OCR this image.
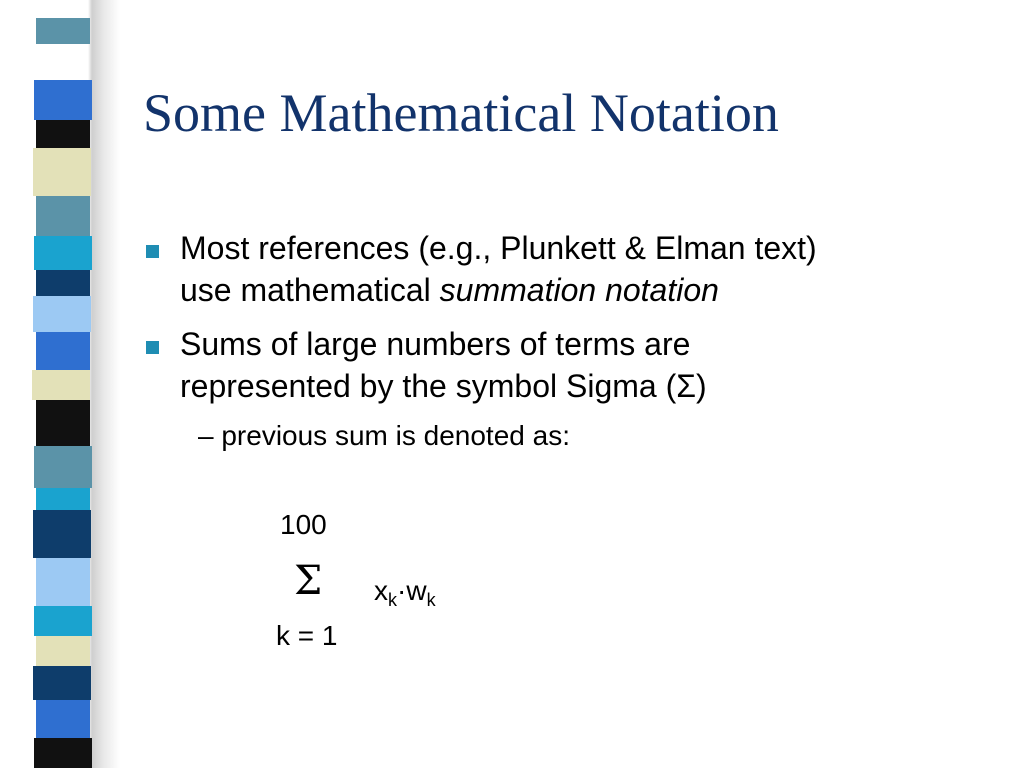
Some Mathematical Notation
Most references (e.g., Plunkett & Elman text)
use mathematical summation notation
Sums of large numbers of terms are
represented by the symbol Sigma (Σ)
– previous sum is denoted as:
100
Σ $x_k\cdot w_k$
k = 1
